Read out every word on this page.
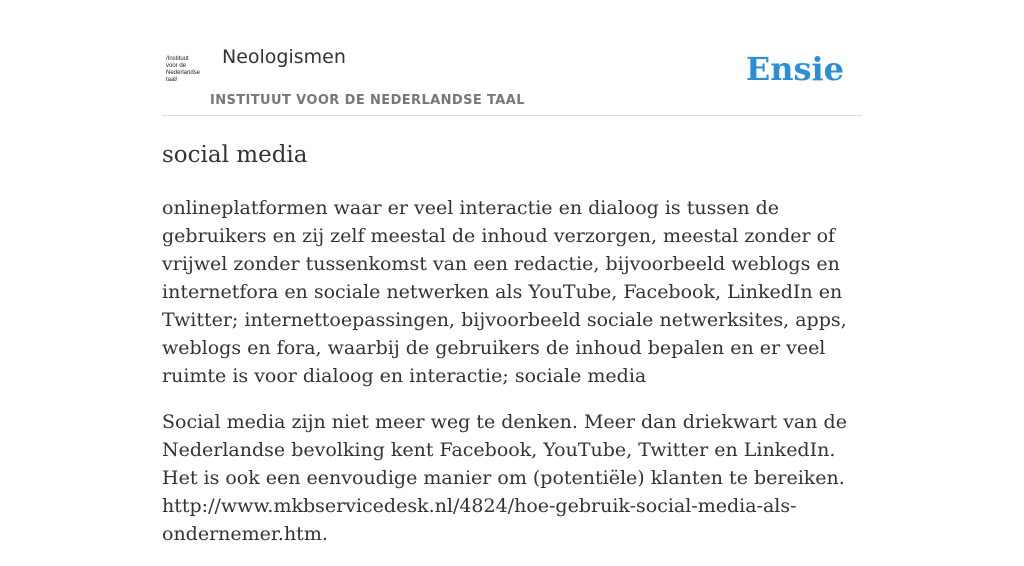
/Instituut
voor de
Nederlandse
taal/
Neologismen
INSTITUUT VOOR DE NEDERLANDSE TAAL
Ensie
social media

onlineplatformen waar er veel interactie en dialoog is tussen de gebruikers en zij zelf meestal de inhoud verzorgen, meestal zonder of vrijwel zonder tussenkomst van een redactie, bijvoorbeeld weblogs en internetfora en sociale netwerken als YouTube, Facebook, LinkedIn en Twitter; internettoepassingen, bijvoorbeeld sociale netwerksites, apps, weblogs en fora, waarbij de gebruikers de inhoud bepalen en er veel ruimte is voor dialoog en interactie; sociale media

Social media zijn niet meer weg te denken. Meer dan driekwart van de Nederlandse bevolking kent Facebook, YouTube, Twitter en LinkedIn. Het is ook een eenvoudige manier om (potentiële) klanten te bereiken. http://www.mkbservicedesk.nl/4824/hoe-gebruik-social-media-als-ondernemer.htm.
